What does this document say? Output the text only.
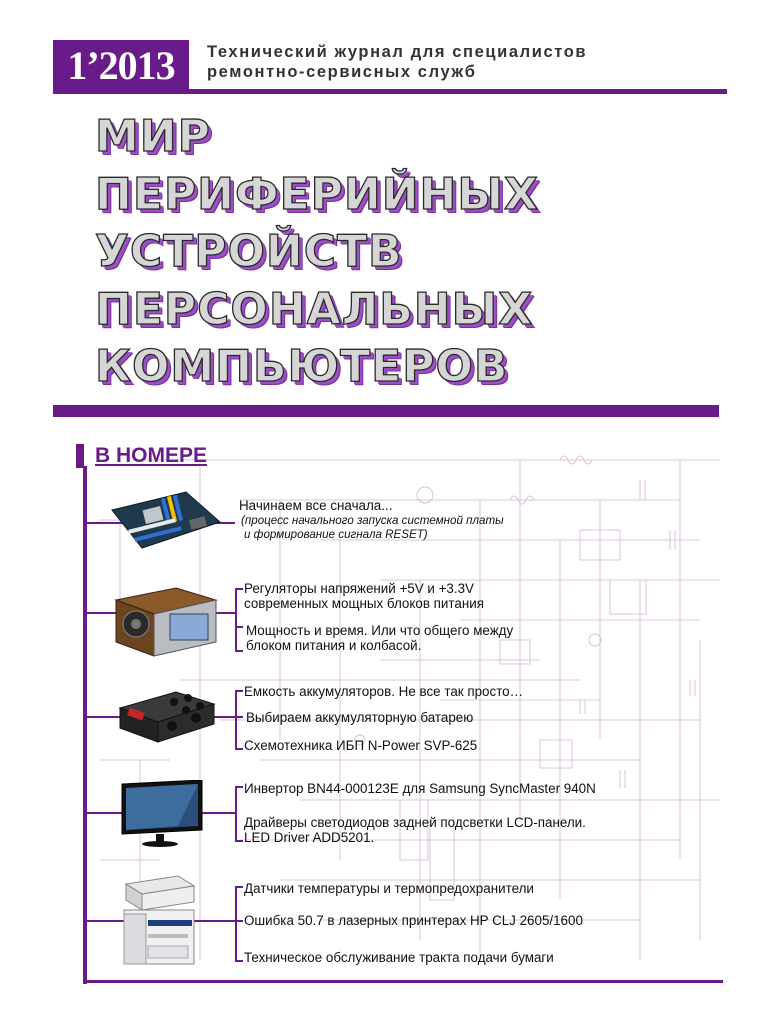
1’2013	Технический журнал для специалистов
ремонтно-сервисных служб
МИР
ПЕРИФЕРИЙНЫХ
УСТРОЙСТВ
ПЕРСОНАЛЬНЫХ
КОМПЬЮТЕРОВ
В НОМЕРЕ
Начинаем все сначала...
(процесс начального запуска системной платы
и формирование сигнала RESET)
Регуляторы напряжений +5V и +3.3V
современных мощных блоков питания
Мощность и время. Или что общего между
блоком питания и колбасой.
Емкость аккумуляторов. Не все так просто…
Выбираем аккумуляторную батарею
Схемотехника ИБП N-Power SVP-625
Инвертор BN44-000123E для Samsung SyncMaster 940N
Драйверы светодиодов задней подсветки LCD-панели.
LED Driver ADD5201.
Датчики температуры и термопредохранители
Ошибка 50.7 в лазерных принтерах HP CLJ 2605/1600
Техническое обслуживание тракта подачи бумаги
